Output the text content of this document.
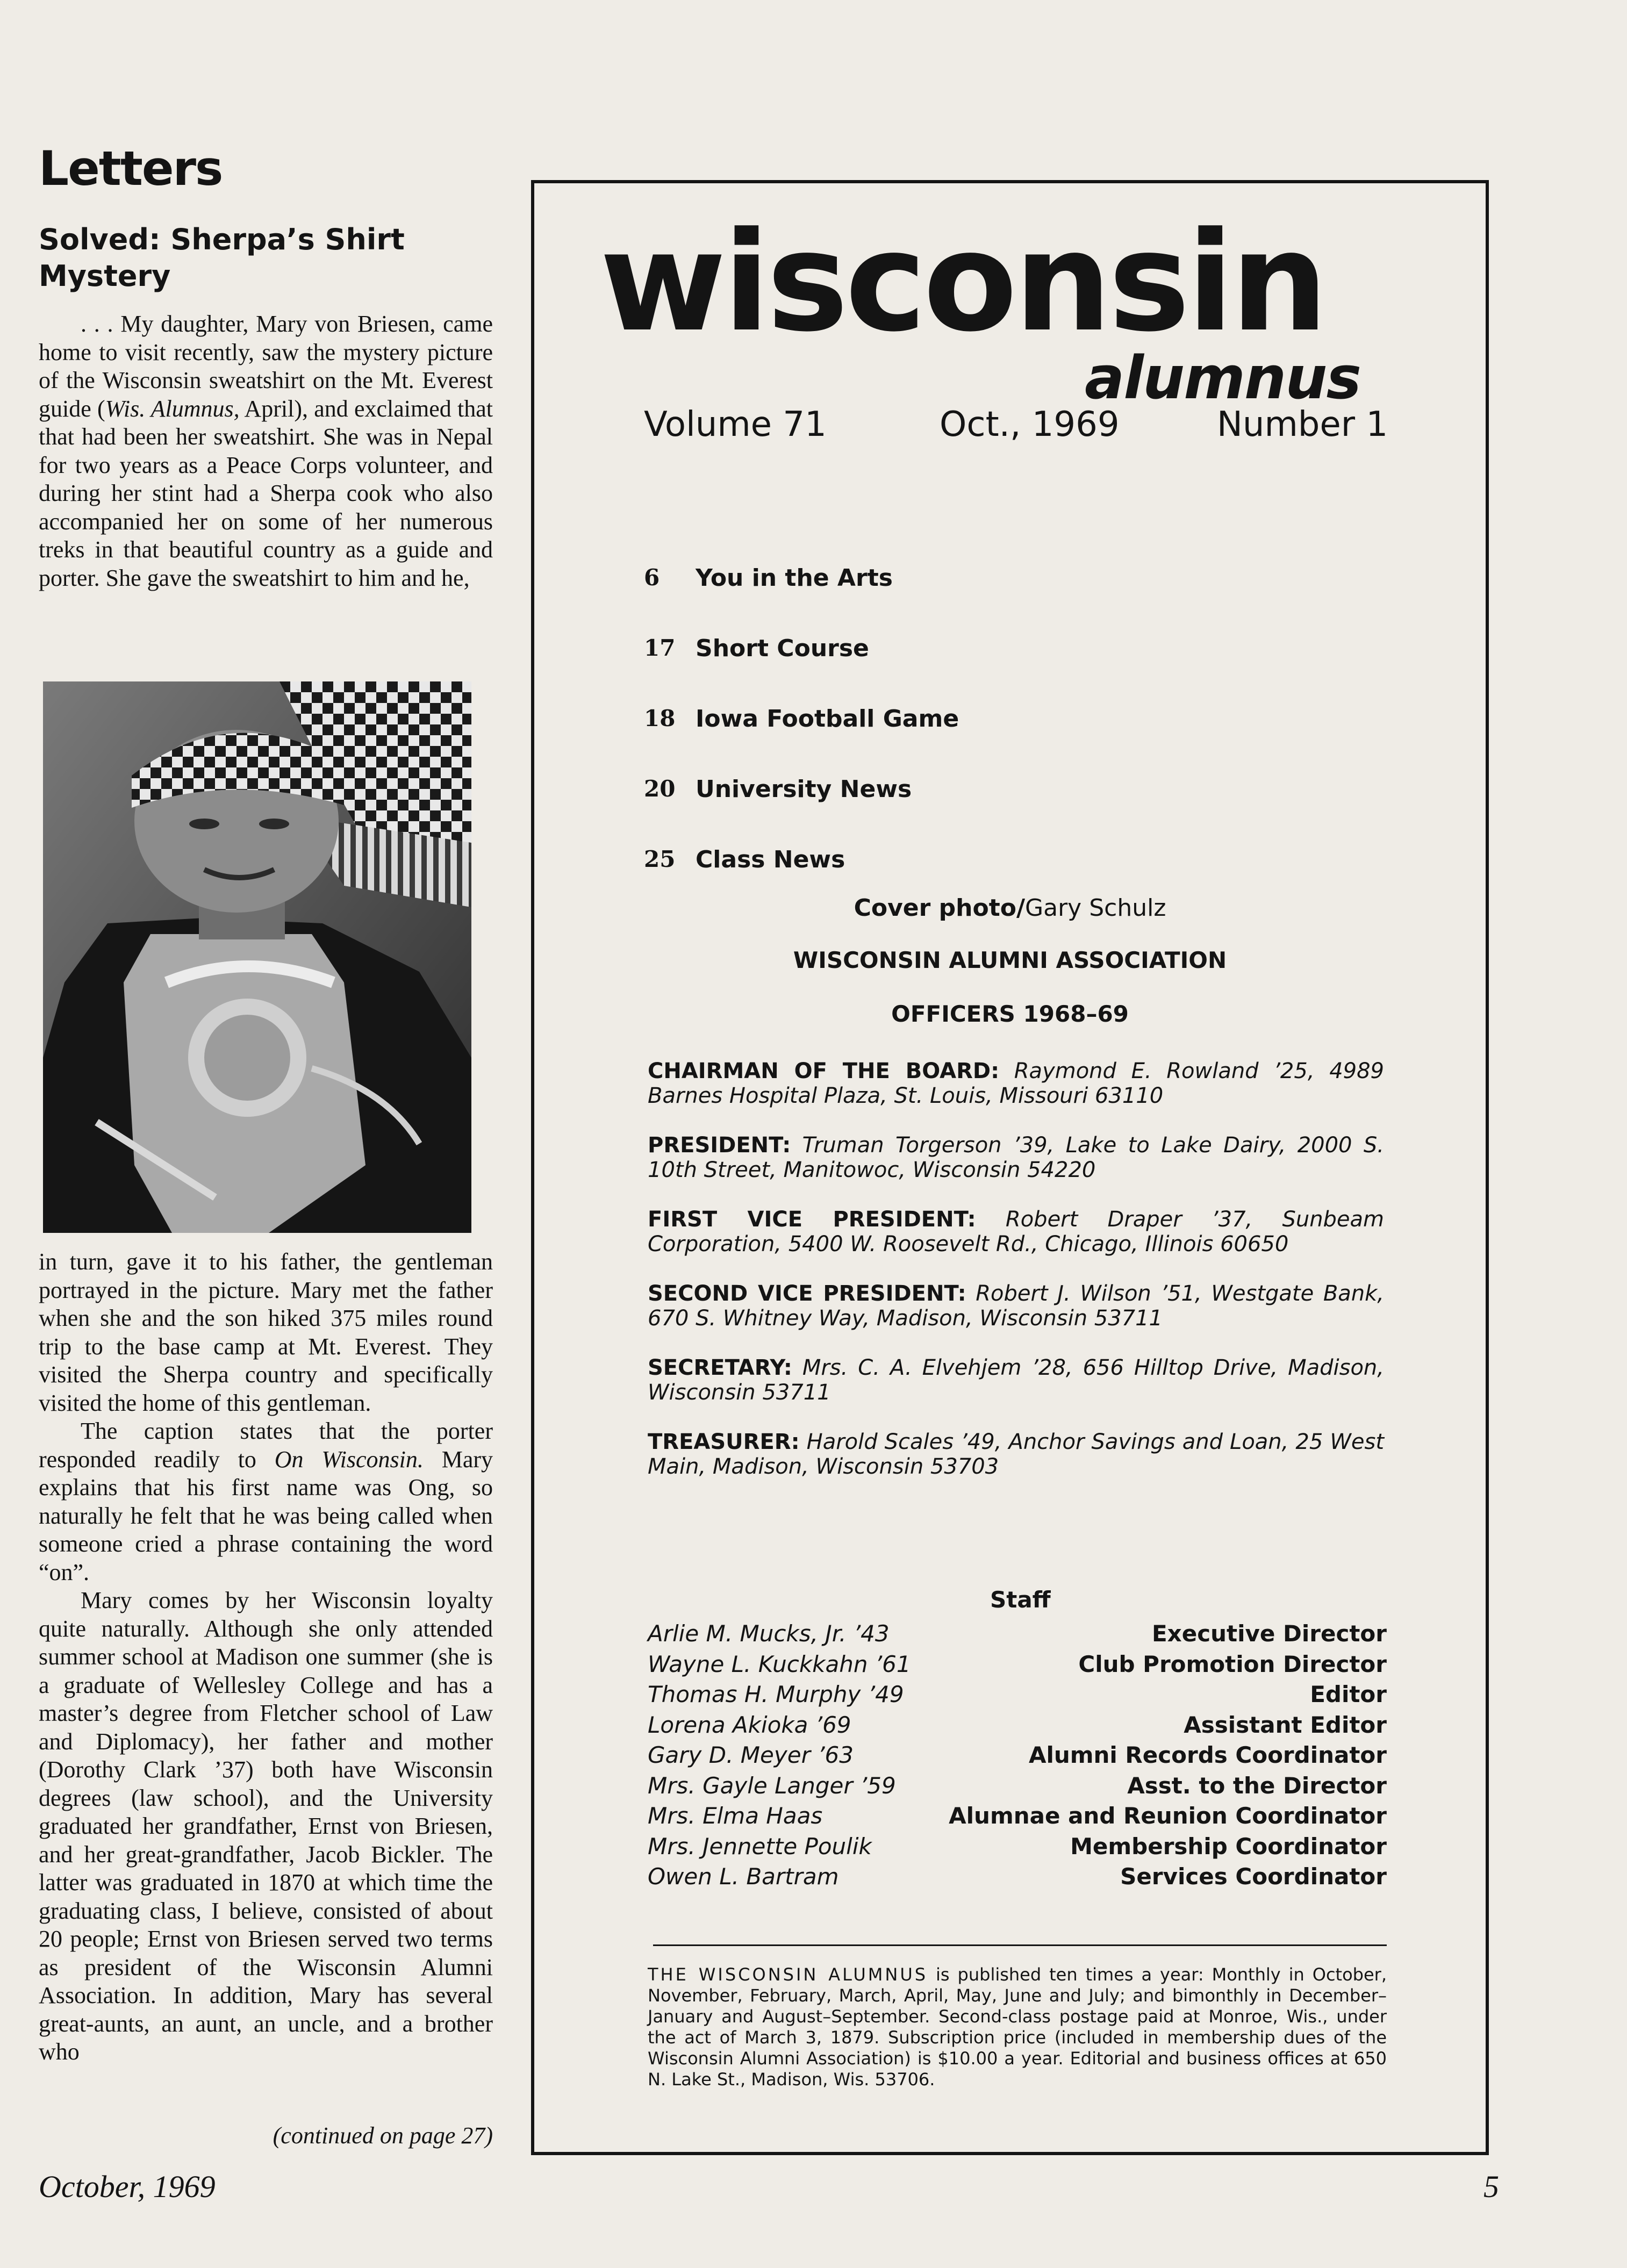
Letters
Solved: Sherpa’s Shirt Mystery

. . . My daughter, Mary von Briesen, came home to visit recently, saw the mystery picture of the Wisconsin sweatshirt on the Mt. Everest guide (Wis. Alumnus, April), and exclaimed that that had been her sweatshirt. She was in Nepal for two years as a Peace Corps volunteer, and during her stint had a Sherpa cook who also accompanied her on some of her numerous treks in that beautiful country as a guide and porter. She gave the sweatshirt to him and he,

in turn, gave it to his father, the gentleman portrayed in the picture. Mary met the father when she and the son hiked 375 miles round trip to the base camp at Mt. Everest. They visited the Sherpa country and specifically visited the home of this gentleman.

The caption states that the porter responded readily to On Wisconsin. Mary explains that his first name was Ong, so naturally he felt that he was being called when someone cried a phrase containing the word “on”.

Mary comes by her Wisconsin loyalty quite naturally. Although she only attended summer school at Madison one summer (she is a graduate of Wellesley College and has a master’s degree from Fletcher school of Law and Diplomacy), her father and mother (Dorothy Clark ’37) both have Wisconsin degrees (law school), and the University graduated her grandfather, Ernst von Briesen, and her great-grandfather, Jacob Bickler. The latter was graduated in 1870 at which time the graduating class, I believe, consisted of about 20 people; Ernst von Briesen served two terms as president of the Wisconsin Alumni Association. In addition, Mary has several great-aunts, an aunt, an uncle, and a brother who

(continued on page 27)

wisconsin
alumnus
Volume 71	Oct., 1969	Number 1
6	You in the Arts
17 Short Course
18 Iowa Football Game
20 University News
25 Class News

Cover photo/Gary Schulz

WISCONSIN ALUMNI ASSOCIATION

OFFICERS 1968–69

CHAIRMAN OF THE BOARD: Raymond E. Rowland ’25, 4989 Barnes Hospital Plaza, St. Louis, Missouri 63110

PRESIDENT: Truman Torgerson ’39, Lake to Lake Dairy, 2000 S. 10th Street, Manitowoc, Wisconsin 54220

FIRST VICE PRESIDENT: Robert Draper ’37, Sunbeam Corporation, 5400 W. Roosevelt Rd., Chicago, Illinois 60650

SECOND VICE PRESIDENT: Robert J. Wilson ’51, Westgate Bank, 670 S. Whitney Way, Madison, Wisconsin 53711

SECRETARY: Mrs. C. A. Elvehjem ’28, 656 Hilltop Drive, Madison, Wisconsin 53711

TREASURER: Harold Scales ’49, Anchor Savings and Loan, 25 West Main, Madison, Wisconsin 53703

Staff

Arlie M. Mucks, Jr. ’43	Executive Director
Wayne L. Kuckkahn ’61	Club Promotion Director
Thomas H. Murphy ’49	Editor
Lorena Akioka ’69	Assistant Editor
Gary D. Meyer ’63	Alumni Records Coordinator
Mrs. Gayle Langer ’59	Asst. to the Director
Mrs. Elma Haas	Alumnae and Reunion Coordinator
Mrs. Jennette Poulik	Membership Coordinator
Owen L. Bartram	Services Coordinator

THE WISCONSIN ALUMNUS is published ten times a year: Monthly in October, November, February, March, April, May, June and July; and bimonthly in December–January and August–September. Second-class postage paid at Monroe, Wis., under the act of March 3, 1879. Subscription price (included in membership dues of the Wisconsin Alumni Association) is $10.00 a year. Editorial and business offices at 650 N. Lake St., Madison, Wis. 53706.

October, 1969	5
